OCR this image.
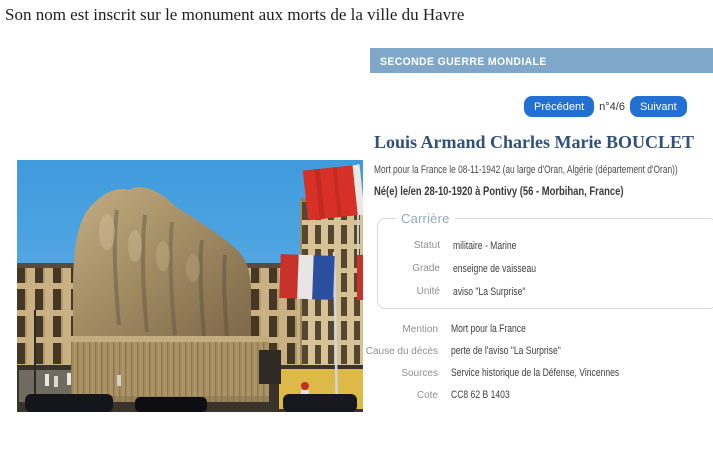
Son nom est inscrit sur le monument aux morts de la ville du Havre
SECONDE GUERRE MONDIALE
Précédent	n°4/6	Suivant
Louis Armand Charles Marie BOUCLET
Mort pour la France le 08-11-1942 (au large d'Oran, Algérie (département d'Oran))
Né(e) le/en 28-10-1920 à Pontivy (56 - Morbihan, France)
Carrière
Statut militaire - Marine
Grade enseigne de vaisseau
Unité aviso "La Surprise"
Mention Mort pour la France
Cause du décès perte de l'aviso "La Surprise"
Sources Service historique de la Défense, Vincennes
Cote CC8 62 B 1403
